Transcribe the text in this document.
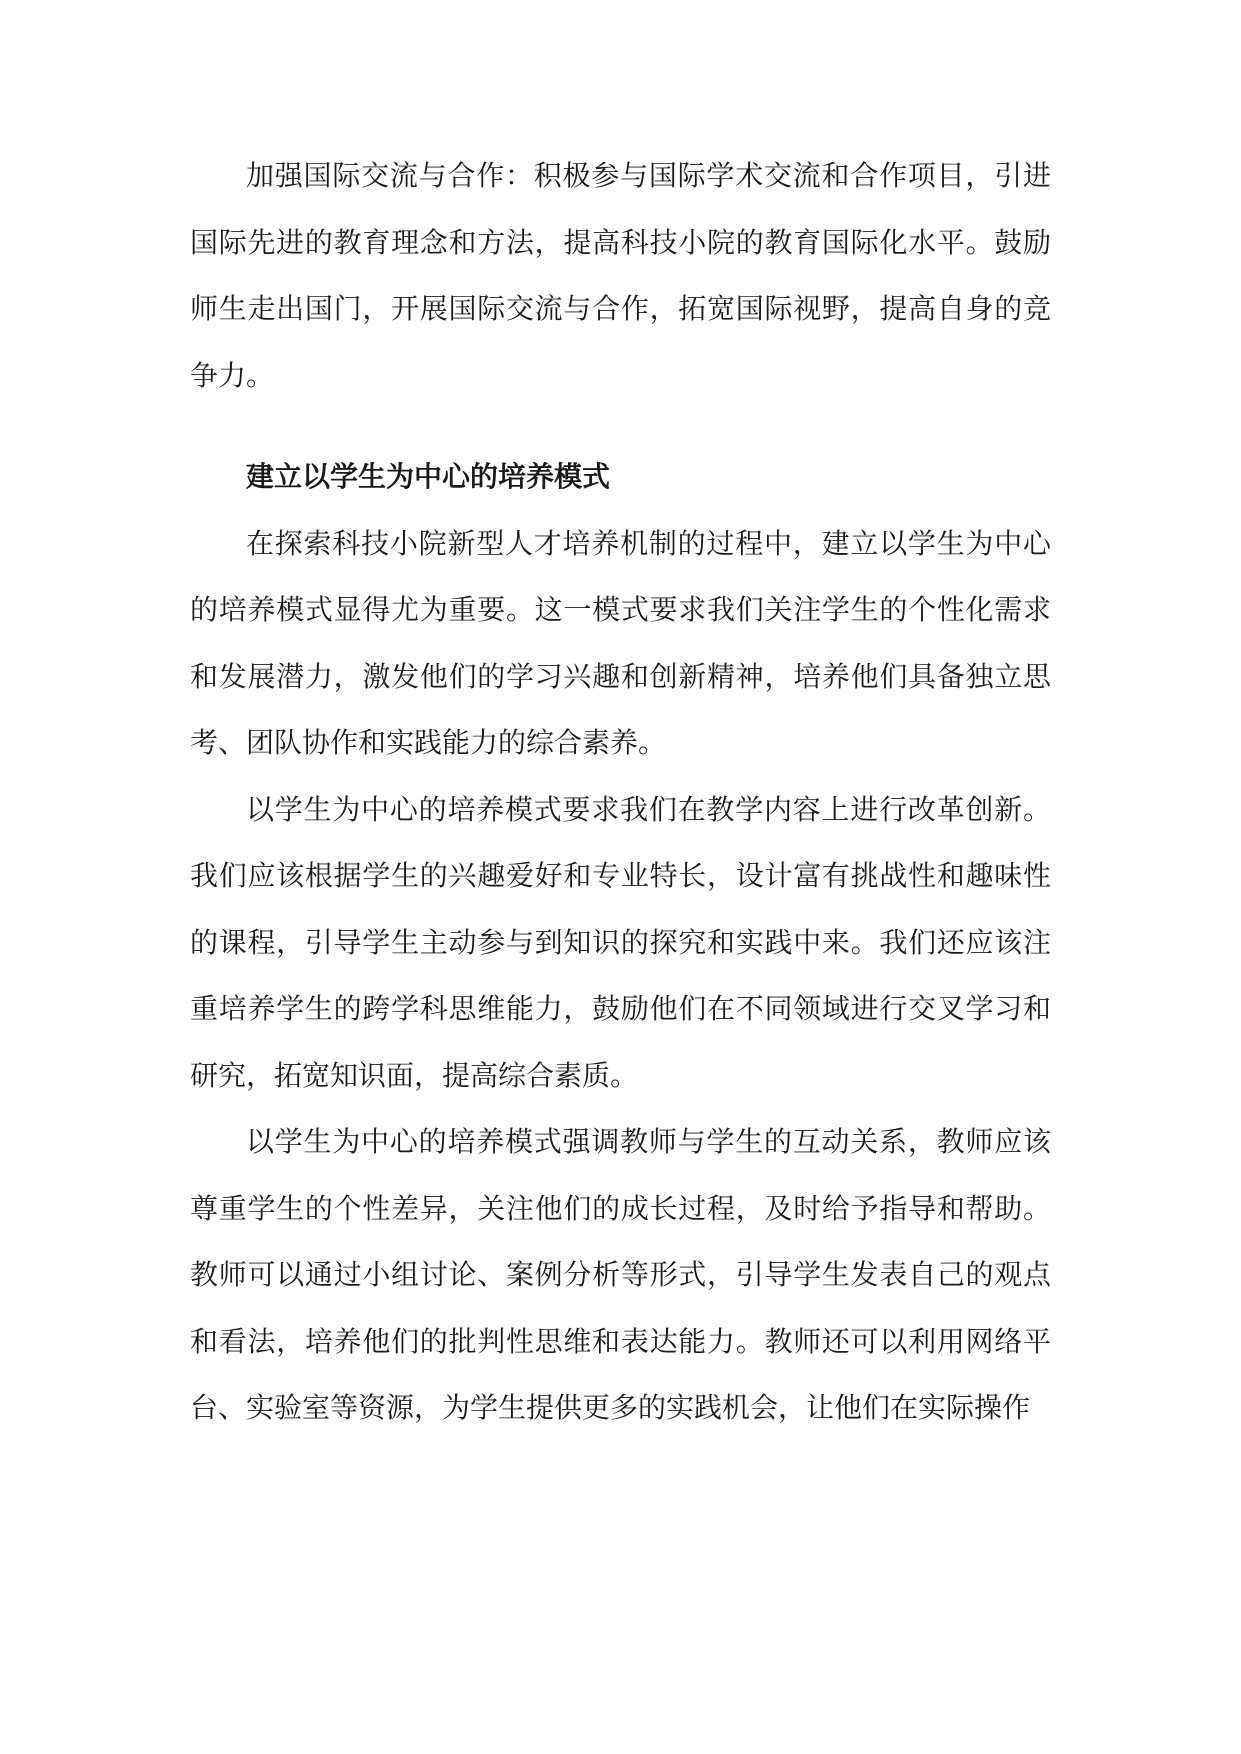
加强国际交流与合作：积极参与国际学术交流和合作项目，引进国际先进的教育理念和方法，提高科技小院的教育国际化水平。鼓励师生走出国门，开展国际交流与合作，拓宽国际视野，提高自身的竞争力。

建立以学生为中心的培养模式

在探索科技小院新型人才培养机制的过程中，建立以学生为中心的培养模式显得尤为重要。这一模式要求我们关注学生的个性化需求和发展潜力，激发他们的学习兴趣和创新精神，培养他们具备独立思考、团队协作和实践能力的综合素养。

以学生为中心的培养模式要求我们在教学内容上进行改革创新。我们应该根据学生的兴趣爱好和专业特长，设计富有挑战性和趣味性的课程，引导学生主动参与到知识的探究和实践中来。我们还应该注重培养学生的跨学科思维能力，鼓励他们在不同领域进行交叉学习和研究，拓宽知识面，提高综合素质。

以学生为中心的培养模式强调教师与学生的互动关系，教师应该尊重学生的个性差异，关注他们的成长过程，及时给予指导和帮助。教师可以通过小组讨论、案例分析等形式，引导学生发表自己的观点和看法，培养他们的批判性思维和表达能力。教师还可以利用网络平台、实验室等资源，为学生提供更多的实践机会，让他们在实际操作
